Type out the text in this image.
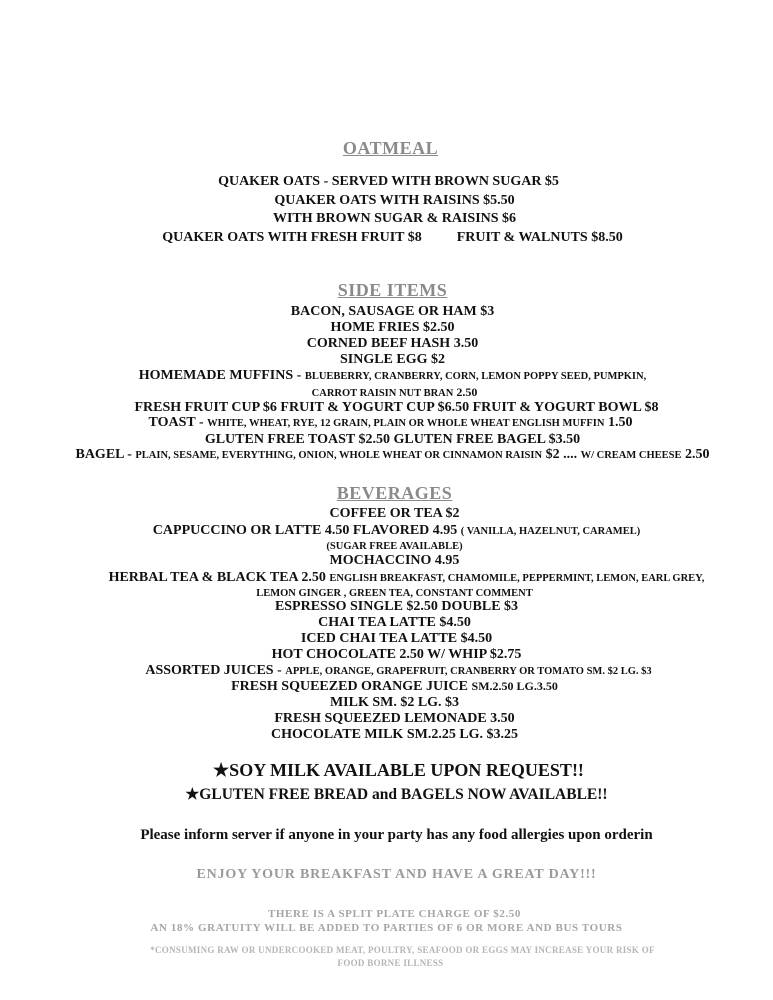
OATMEAL
QUAKER OATS - SERVED WITH BROWN SUGAR $5
QUAKER OATS WITH RAISINS $5.50
WITH BROWN SUGAR & RAISINS $6
QUAKER OATS WITH FRESH FRUIT $8	FRUIT & WALNUTS $8.50
SIDE ITEMS
BACON, SAUSAGE OR HAM $3
HOME FRIES $2.50
CORNED BEEF HASH 3.50
SINGLE EGG $2
HOMEMADE MUFFINS - BLUEBERRY, CRANBERRY, CORN, LEMON POPPY SEED, PUMPKIN,
CARROT RAISIN NUT BRAN 2.50
FRESH FRUIT CUP $6 FRUIT & YOGURT CUP $6.50 FRUIT & YOGURT BOWL $8
TOAST - WHITE, WHEAT, RYE, 12 GRAIN, PLAIN OR WHOLE WHEAT ENGLISH MUFFIN 1.50
GLUTEN FREE TOAST $2.50 GLUTEN FREE BAGEL $3.50
BAGEL - PLAIN, SESAME, EVERYTHING, ONION, WHOLE WHEAT OR CINNAMON RAISIN $2 .... W/ CREAM CHEESE 2.50
BEVERAGES
COFFEE OR TEA $2
CAPPUCCINO OR LATTE 4.50 FLAVORED 4.95 ( VANILLA, HAZELNUT, CARAMEL)
(SUGAR FREE AVAILABLE)
MOCHACCINO 4.95
HERBAL TEA & BLACK TEA 2.50 ENGLISH BREAKFAST, CHAMOMILE, PEPPERMINT, LEMON, EARL GREY,
LEMON GINGER , GREEN TEA, CONSTANT COMMENT
ESPRESSO SINGLE $2.50 DOUBLE $3
CHAI TEA LATTE $4.50
ICED CHAI TEA LATTE $4.50
HOT CHOCOLATE 2.50 W/ WHIP $2.75
ASSORTED JUICES - APPLE, ORANGE, GRAPEFRUIT, CRANBERRY OR TOMATO SM. $2 LG. $3
FRESH SQUEEZED ORANGE JUICE SM.2.50 LG.3.50
MILK SM. $2 LG. $3
FRESH SQUEEZED LEMONADE 3.50
CHOCOLATE MILK SM.2.25 LG. $3.25
★SOY MILK AVAILABLE UPON REQUEST!!
★GLUTEN FREE BREAD and BAGELS NOW AVAILABLE!!
Please inform server if anyone in your party has any food allergies upon orderin
ENJOY YOUR BREAKFAST AND HAVE A GREAT DAY!!!
THERE IS A SPLIT PLATE CHARGE OF $2.50
AN 18% GRATUITY WILL BE ADDED TO PARTIES OF 6 OR MORE AND BUS TOURS
*CONSUMING RAW OR UNDERCOOKED MEAT, POULTRY, SEAFOOD OR EGGS MAY INCREASE YOUR RISK OF
FOOD BORNE ILLNESS
